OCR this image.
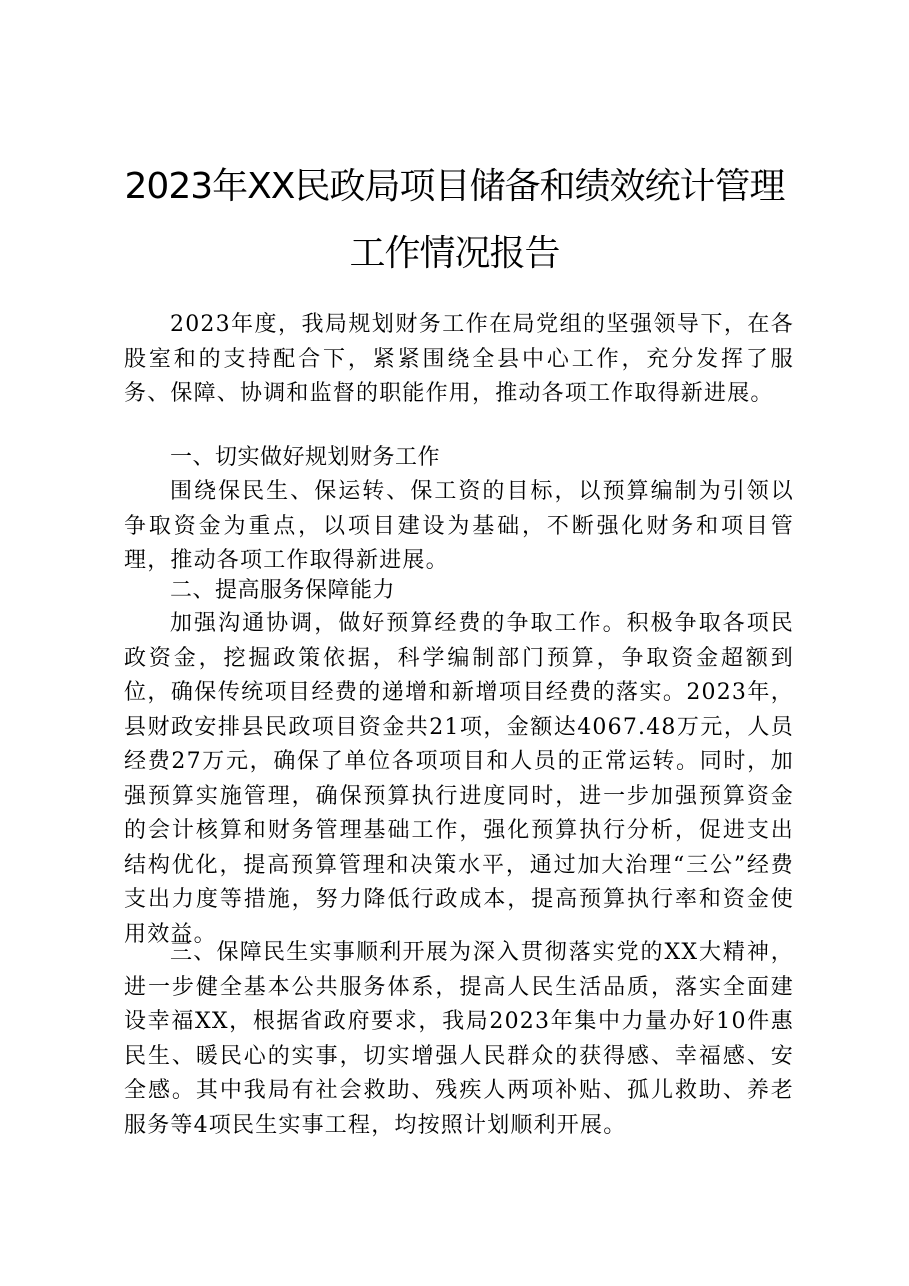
2023年XX民政局项目储备和绩效统计管理
工作情况报告
2023年度，我局规划财务工作在局党组的坚强领导下，在各股室和的支持配合下，紧紧围绕全县中心工作，充分发挥了服务、保障、协调和监督的职能作用，推动各项工作取得新进展。
一、切实做好规划财务工作
围绕保民生、保运转、保工资的目标，以预算编制为引领以争取资金为重点，以项目建设为基础，不断强化财务和项目管理，推动各项工作取得新进展。
二、提高服务保障能力
加强沟通协调，做好预算经费的争取工作。积极争取各项民政资金，挖掘政策依据，科学编制部门预算，争取资金超额到位，确保传统项目经费的递增和新增项目经费的落实。2023年，县财政安排县民政项目资金共21项，金额达4067.48万元，人员经费27万元，确保了单位各项项目和人员的正常运转。同时，加强预算实施管理，确保预算执行进度同时，进一步加强预算资金的会计核算和财务管理基础工作，强化预算执行分析，促进支出结构优化，提高预算管理和决策水平，通过加大治理“三公”经费支出力度等措施，努力降低行政成本，提高预算执行率和资金使用效益。
三、保障民生实事顺利开展为深入贯彻落实党的XX大精神，进一步健全基本公共服务体系，提高人民生活品质，落实全面建设幸福XX，根据省政府要求，我局2023年集中力量办好10件惠民生、暖民心的实事，切实增强人民群众的获得感、幸福感、安全感。其中我局有社会救助、残疾人两项补贴、孤儿救助、养老服务等4项民生实事工程，均按照计划顺利开展。
